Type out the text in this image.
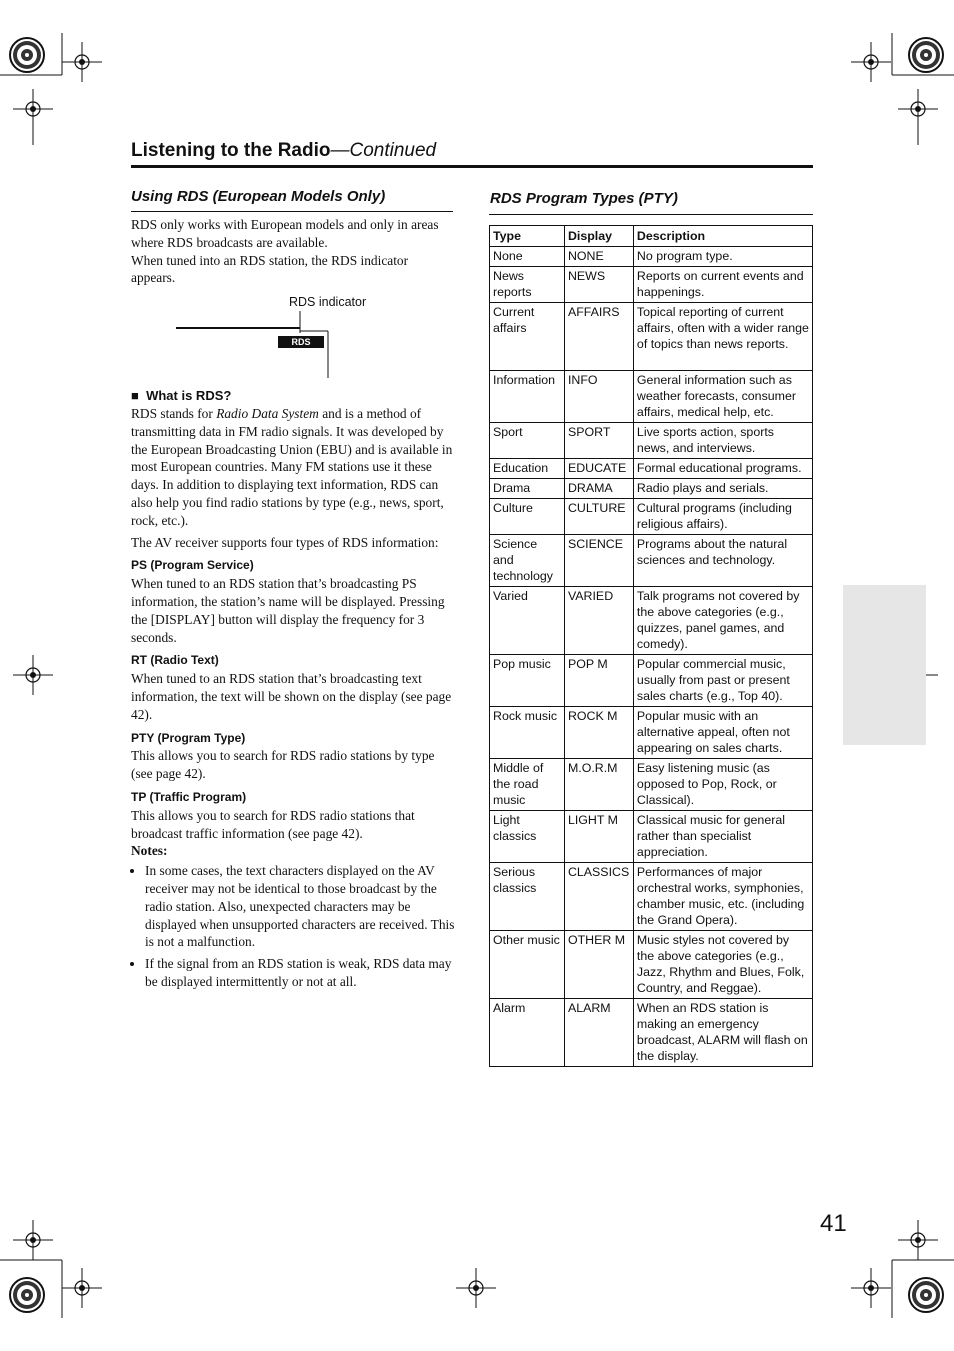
Listening to the Radio—Continued
Using RDS (European Models Only)	RDS Program Types (PTY)

RDS only works with European models and only in areas where RDS broadcasts are available.

When tuned into an RDS station, the RDS indicator appears.

■ What is RDS?

RDS stands for Radio Data System and is a method of transmitting data in FM radio signals. It was developed by the European Broadcasting Union (EBU) and is available in most European countries. Many FM stations use it these days. In addition to displaying text information, RDS can also help you find radio stations by type (e.g., news, sport, rock, etc.).

The AV receiver supports four types of RDS information:

PS (Program Service)

When tuned to an RDS station that’s broadcasting PS information, the station’s name will be displayed. Pressing the [DISPLAY] button will display the frequency for 3 seconds.

RT (Radio Text)

When tuned to an RDS station that’s broadcasting text information, the text will be shown on the display (see page 42).

PTY (Program Type)

This allows you to search for RDS radio stations by type (see page 42).

TP (Traffic Program)

This allows you to search for RDS radio stations that broadcast traffic information (see page 42).

Notes:

• In some cases, the text characters displayed on the AV receiver may not be identical to those broadcast by the radio station. Also, unexpected characters may be displayed when unsupported characters are received. This is not a malfunction.
• If the signal from an RDS station is weak, RDS data may be displayed intermittently or not at all.
RDS indicator
RDS
Type	Display	Description
None	NONE	No program type.
News reports	NEWS	Reports on current events and happenings.
Current affairs	AFFAIRS	Topical reporting of current affairs, often with a wider range of topics than news reports.
Information	INFO	General information such as weather forecasts, consumer affairs, medical help, etc.
Sport	SPORT	Live sports action, sports news, and interviews.
Education	EDUCATE	Formal educational programs.
Drama	DRAMA	Radio plays and serials.
Culture	CULTURE	Cultural programs (including religious affairs).
Science and technology	SCIENCE	Programs about the natural sciences and technology.
Varied	VARIED	Talk programs not covered by the above categories (e.g., quizzes, panel games, and comedy).
Pop music	POP M	Popular commercial music, usually from past or present sales charts (e.g., Top 40).
Rock music	ROCK M	Popular music with an alternative appeal, often not appearing on sales charts.
Middle of the road music	M.O.R.M	Easy listening music (as opposed to Pop, Rock, or Classical).
Light classics	LIGHT M	Classical music for general rather than specialist appreciation.
Serious classics	CLASSICS	Performances of major orchestral works, symphonies, chamber music, etc. (including the Grand Opera).
Other music	OTHER M	Music styles not covered by the above categories (e.g., Jazz, Rhythm and Blues, Folk, Country, and Reggae).
Alarm	ALARM	When an RDS station is making an emergency broadcast, ALARM will flash on the display.
41
